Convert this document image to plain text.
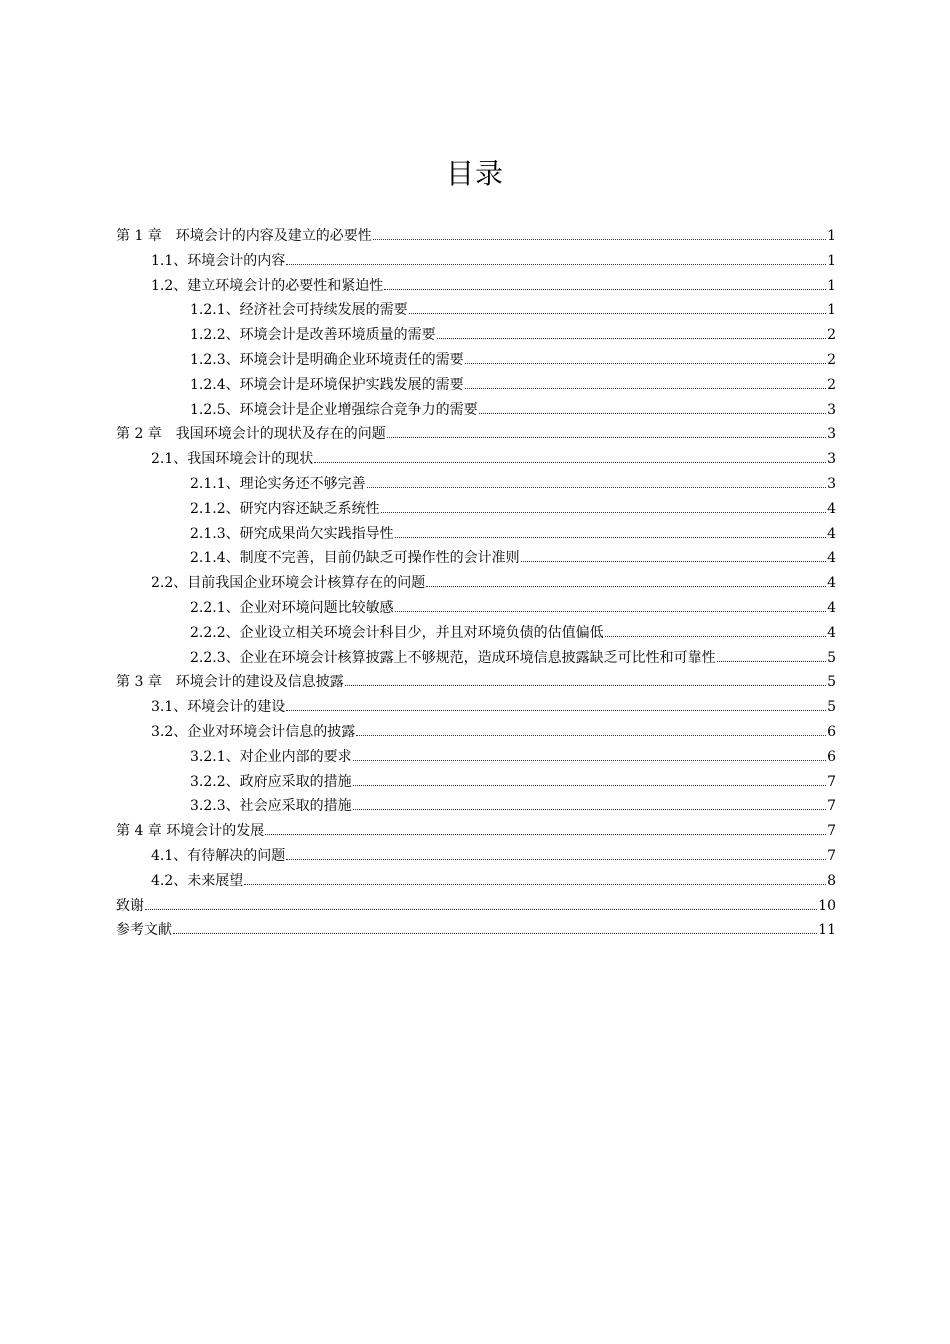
目录
第 1 章　环境会计的内容及建立的必要性	1
1.1、环境会计的内容	1
1.2、建立环境会计的必要性和紧迫性	1
1.2.1、经济社会可持续发展的需要	1
1.2.2、环境会计是改善环境质量的需要	2
1.2.3、环境会计是明确企业环境责任的需要	2
1.2.4、环境会计是环境保护实践发展的需要	2
1.2.5、环境会计是企业增强综合竞争力的需要	3
第 2 章　我国环境会计的现状及存在的问题	3
2.1、我国环境会计的现状	3
2.1.1、理论实务还不够完善	3
2.1.2、研究内容还缺乏系统性	4
2.1.3、研究成果尚欠实践指导性	4
2.1.4、制度不完善，目前仍缺乏可操作性的会计准则	4
2.2、目前我国企业环境会计核算存在的问题	4
2.2.1、企业对环境问题比较敏感	4
2.2.2、企业设立相关环境会计科目少，并且对环境负债的估值偏低	4
2.2.3、企业在环境会计核算披露上不够规范，造成环境信息披露缺乏可比性和可靠性	5
第 3 章　环境会计的建设及信息披露	5
3.1、环境会计的建设	5
3.2、企业对环境会计信息的披露	6
3.2.1、对企业内部的要求	6
3.2.2、政府应采取的措施	7
3.2.3、社会应采取的措施	7
第 4 章 环境会计的发展	7
4.1、有待解决的问题	7
4.2、未来展望	8
致谢	10
参考文献	11
